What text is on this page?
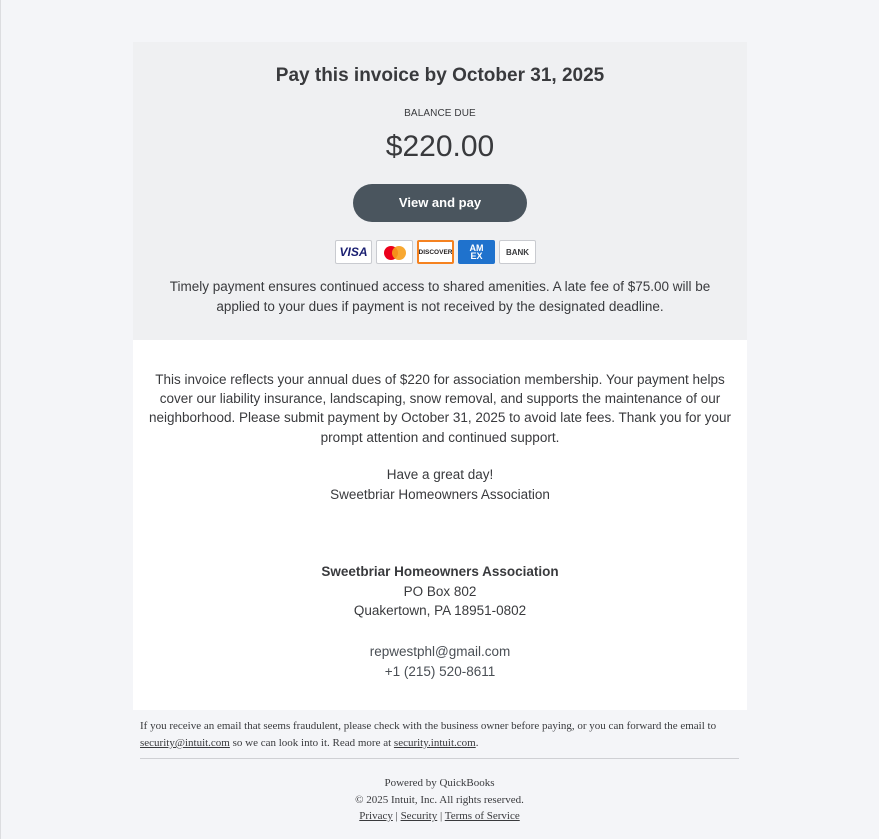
Pay this invoice by October 31, 2025
BALANCE DUE
$220.00
View and pay
VISA	DISCOVER AM
EX	BANK
Timely payment ensures continued access to shared amenities. A late fee of $75.00 will be applied to your dues if payment is not received by the designated deadline.
This invoice reflects your annual dues of $220 for association membership. Your payment helps cover our liability insurance, landscaping, snow removal, and supports the maintenance of our neighborhood. Please submit payment by October 31, 2025 to avoid late fees. Thank you for your prompt attention and continued support.
Have a great day!
Sweetbriar Homeowners Association
Sweetbriar Homeowners Association
PO Box 802
Quakertown, PA 18951-0802
repwestphl@gmail.com
+1 (215) 520-8611
If you receive an email that seems fraudulent, please check with the business owner before paying, or you can forward the email to security@intuit.com so we can look into it. Read more at security.intuit.com.
Powered by QuickBooks
© 2025 Intuit, Inc. All rights reserved.
Privacy | Security | Terms of Service
